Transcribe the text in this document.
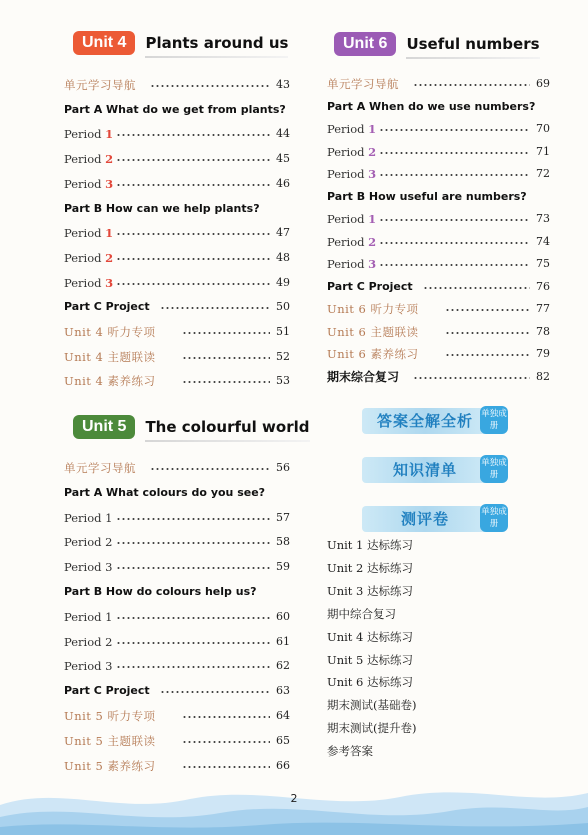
Unit 4	Plants around us
单元学习导航	43
Part A What do we get from plants?
Period 1	44
Period 2	45
Period 3	46
Part B How can we help plants?
Period 1	47
Period 2	48
Period 3	49
Part C Project	50
Unit 4 听力专项	51
Unit 4 主题联读	52
Unit 4 素养练习	53
Unit 5	The colourful world
单元学习导航	56
Part A What colours do you see?
Period 1	57
Period 2	58
Period 3	59
Part B How do colours help us?
Period 1	60
Period 2	61
Period 3	62
Part C Project	63
Unit 5 听力专项	64
Unit 5 主题联读	65
Unit 5 素养练习	66
Unit 6	Useful numbers
单元学习导航	69
Part A When do we use numbers?
Period 1	70
Period 2	71
Period 3	72
Part B How useful are numbers?
Period 1	73
Period 2	74
Period 3	75
Part C Project	76
Unit 6 听力专项	77
Unit 6 主题联读	78
Unit 6 素养练习	79
期末综合复习	82
答案全解全析 单独成册
知识清单	单独成册
测评卷	单独成册
Unit 1 达标练习
Unit 2 达标练习
Unit 3 达标练习
期中综合复习
Unit 4 达标练习
Unit 5 达标练习
Unit 6 达标练习
期末测试(基础卷)
期末测试(提升卷)
参考答案
2
